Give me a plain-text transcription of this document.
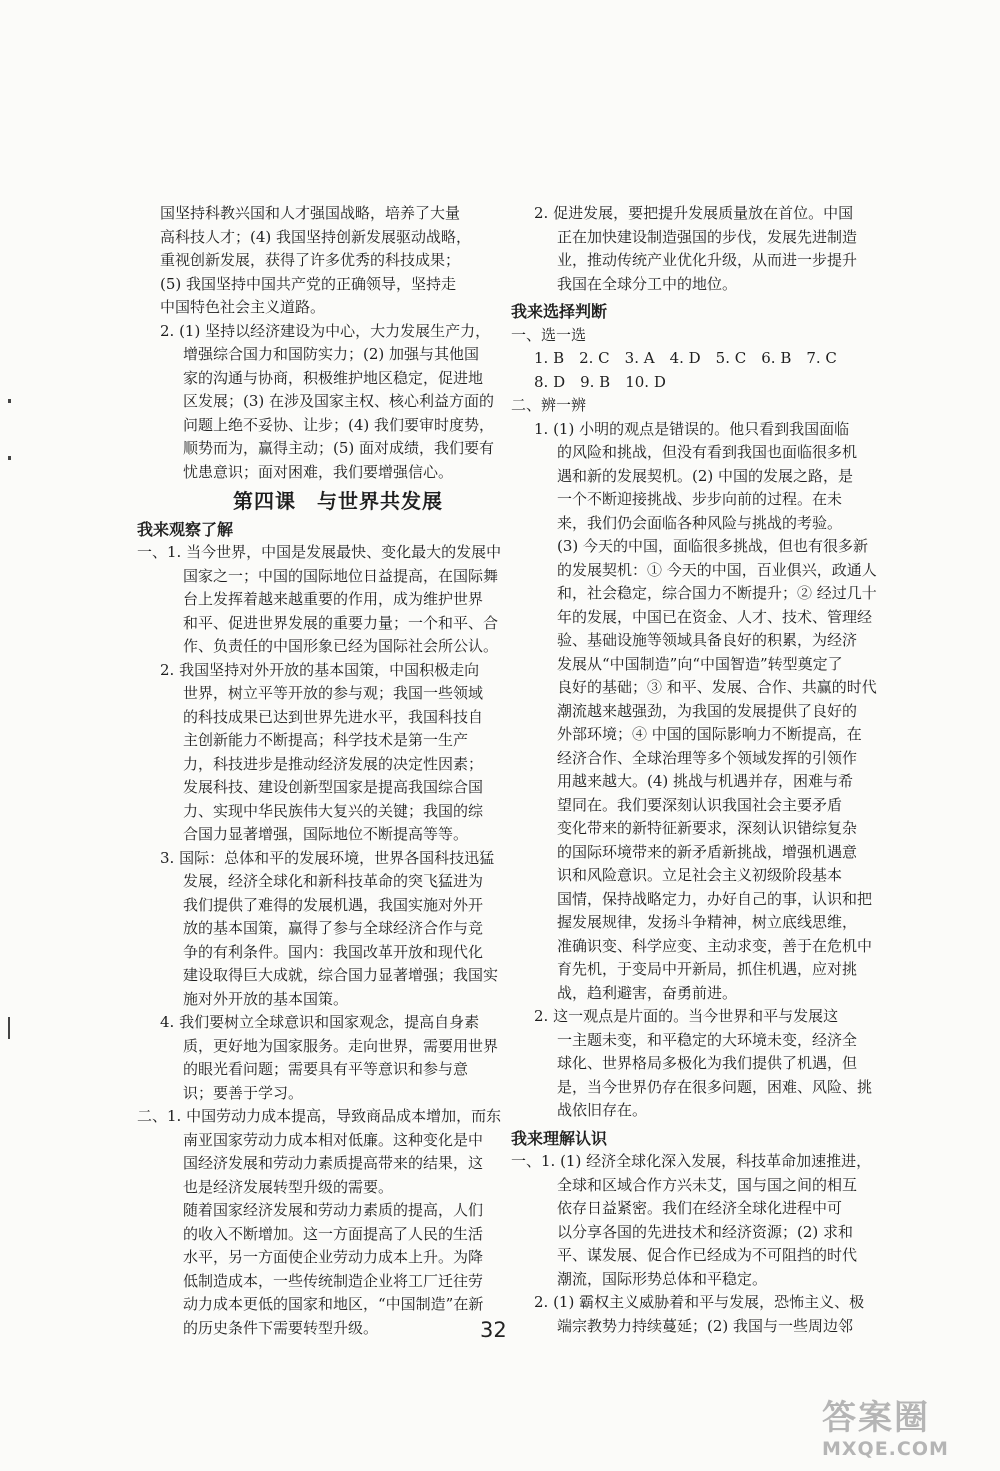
国坚持科教兴国和人才强国战略，培养了大量

高科技人才；(4) 我国坚持创新发展驱动战略，

重视创新发展，获得了许多优秀的科技成果；

(5) 我国坚持中国共产党的正确领导，坚持走

中国特色社会主义道路。

2. (1) 坚持以经济建设为中心，大力发展生产力，

增强综合国力和国防实力；(2) 加强与其他国

家的沟通与协商，积极维护地区稳定，促进地

区发展；(3) 在涉及国家主权、核心利益方面的

问题上绝不妥协、让步；(4) 我们要审时度势，

顺势而为，赢得主动；(5) 面对成绩，我们要有

忧患意识；面对困难，我们要增强信心。

第四课　与世界共发展
我来观察了解

一、1. 当今世界，中国是发展最快、变化最大的发展中

国家之一；中国的国际地位日益提高，在国际舞

台上发挥着越来越重要的作用，成为维护世界

和平、促进世界发展的重要力量；一个和平、合

作、负责任的中国形象已经为国际社会所公认。

2. 我国坚持对外开放的基本国策，中国积极走向

世界，树立平等开放的参与观；我国一些领域

的科技成果已达到世界先进水平，我国科技自

主创新能力不断提高；科学技术是第一生产

力，科技进步是推动经济发展的决定性因素；

发展科技、建设创新型国家是提高我国综合国

力、实现中华民族伟大复兴的关键；我国的综

合国力显著增强，国际地位不断提高等等。

3. 国际：总体和平的发展环境，世界各国科技迅猛

发展，经济全球化和新科技革命的突飞猛进为

我们提供了难得的发展机遇，我国实施对外开

放的基本国策，赢得了参与全球经济合作与竞

争的有利条件。国内：我国改革开放和现代化

建设取得巨大成就，综合国力显著增强；我国实

施对外开放的基本国策。

4. 我们要树立全球意识和国家观念，提高自身素

质，更好地为国家服务。走向世界，需要用世界

的眼光看问题；需要具有平等意识和参与意

识；要善于学习。

二、1. 中国劳动力成本提高，导致商品成本增加，而东

南亚国家劳动力成本相对低廉。这种变化是中

国经济发展和劳动力素质提高带来的结果，这

也是经济发展转型升级的需要。

随着国家经济发展和劳动力素质的提高，人们

的收入不断增加。这一方面提高了人民的生活

水平，另一方面使企业劳动力成本上升。为降

低制造成本，一些传统制造企业将工厂迁往劳

动力成本更低的国家和地区，“中国制造”在新

的历史条件下需要转型升级。

2. 促进发展，要把提升发展质量放在首位。中国

正在加快建设制造强国的步伐，发展先进制造

业，推动传统产业优化升级，从而进一步提升

我国在全球分工中的地位。

我来选择判断

一、选一选

1. B　2. C　3. A　4. D　5. C　6. B　7. C

8. D　9. B　10. D

二、辨一辨

1. (1) 小明的观点是错误的。他只看到我国面临

的风险和挑战，但没有看到我国也面临很多机

遇和新的发展契机。(2) 中国的发展之路，是

一个不断迎接挑战、步步向前的过程。在未

来，我们仍会面临各种风险与挑战的考验。

(3) 今天的中国，面临很多挑战，但也有很多新

的发展契机：① 今天的中国，百业俱兴，政通人

和，社会稳定，综合国力不断提升；② 经过几十

年的发展，中国已在资金、人才、技术、管理经

验、基础设施等领域具备良好的积累，为经济

发展从“中国制造”向“中国智造”转型奠定了

良好的基础；③ 和平、发展、合作、共赢的时代

潮流越来越强劲，为我国的发展提供了良好的

外部环境；④ 中国的国际影响力不断提高，在

经济合作、全球治理等多个领域发挥的引领作

用越来越大。(4) 挑战与机遇并存，困难与希

望同在。我们要深刻认识我国社会主要矛盾

变化带来的新特征新要求，深刻认识错综复杂

的国际环境带来的新矛盾新挑战，增强机遇意

识和风险意识。立足社会主义初级阶段基本

国情，保持战略定力，办好自己的事，认识和把

握发展规律，发扬斗争精神，树立底线思维，

准确识变、科学应变、主动求变，善于在危机中

育先机，于变局中开新局，抓住机遇，应对挑

战，趋利避害，奋勇前进。

2. 这一观点是片面的。当今世界和平与发展这

一主题未变，和平稳定的大环境未变，经济全

球化、世界格局多极化为我们提供了机遇，但

是，当今世界仍存在很多问题，困难、风险、挑

战依旧存在。

我来理解认识

一、1. (1) 经济全球化深入发展，科技革命加速推进，

全球和区域合作方兴未艾，国与国之间的相互

依存日益紧密。我们在经济全球化进程中可

以分享各国的先进技术和经济资源；(2) 求和

平、谋发展、促合作已经成为不可阻挡的时代

潮流，国际形势总体和平稳定。

2. (1) 霸权主义威胁着和平与发展，恐怖主义、极

端宗教势力持续蔓延；(2) 我国与一些周边邻

32
答案圈
MXQE.COM
